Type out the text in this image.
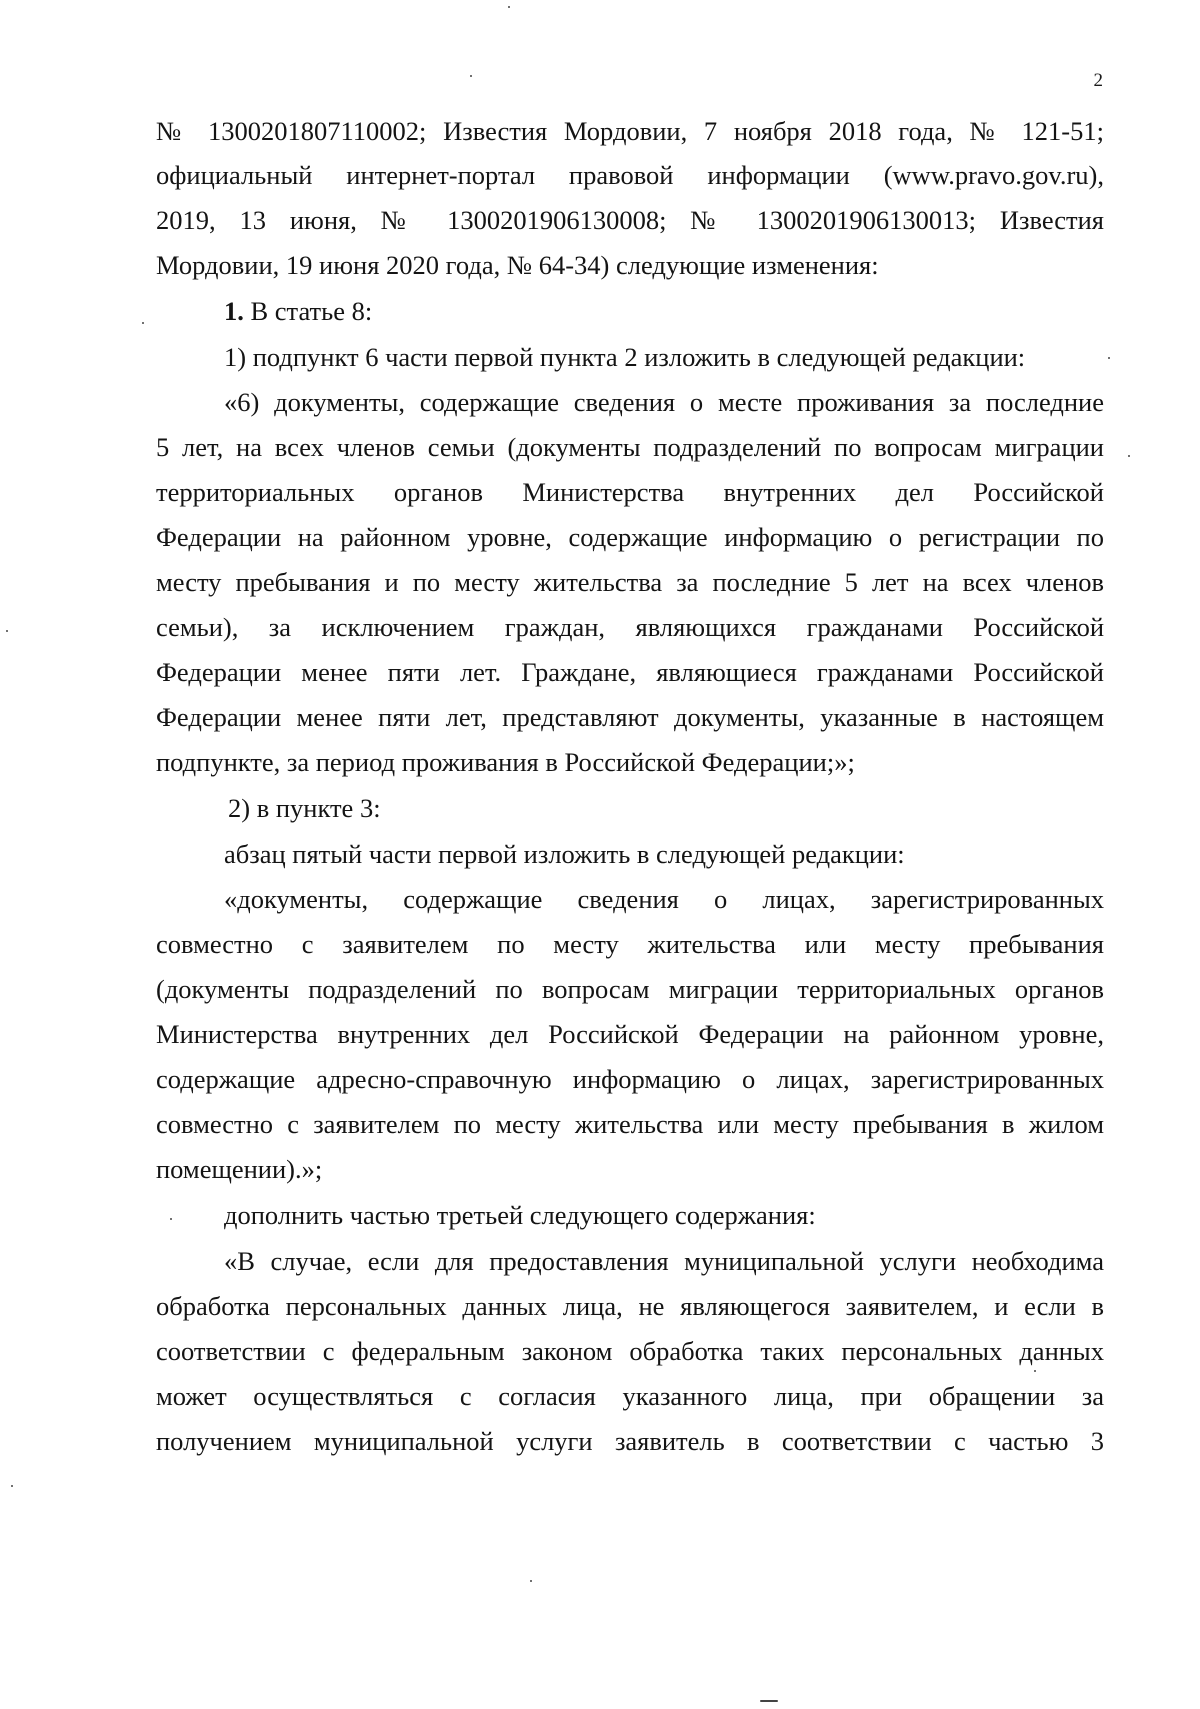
2
№ 1300201807110002; Известия Мордовии, 7 ноября 2018 года, № 121-51;
официальный интернет-портал правовой информации (www.pravo.gov.ru),
2019, 13 июня, № 1300201906130008; № 1300201906130013; Известия
Мордовии, 19 июня 2020 года, № 64-34) следующие изменения:
1. В статье 8:
1) подпункт 6 части первой пункта 2 изложить в следующей редакции:
«6) документы, содержащие сведения о месте проживания за последние
5 лет, на всех членов семьи (документы подразделений по вопросам миграции
территориальных органов Министерства внутренних дел Российской
Федерации на районном уровне, содержащие информацию о регистрации по
месту пребывания и по месту жительства за последние 5 лет на всех членов
семьи), за исключением граждан, являющихся гражданами Российской
Федерации менее пяти лет. Граждане, являющиеся гражданами Российской
Федерации менее пяти лет, представляют документы, указанные в настоящем
подпункте, за период проживания в Российской Федерации;»;
2) в пункте 3:
абзац пятый части первой изложить в следующей редакции:
«документы, содержащие сведения о лицах, зарегистрированных
совместно с заявителем по месту жительства или месту пребывания
(документы подразделений по вопросам миграции территориальных органов
Министерства внутренних дел Российской Федерации на районном уровне,
содержащие адресно-справочную информацию о лицах, зарегистрированных
совместно с заявителем по месту жительства или месту пребывания в жилом
помещении).»;
дополнить частью третьей следующего содержания:
«В случае, если для предоставления муниципальной услуги необходима
обработка персональных данных лица, не являющегося заявителем, и если в
соответствии с федеральным законом обработка таких персональных данных
может осуществляться с согласия указанного лица, при обращении за
получением муниципальной услуги заявитель в соответствии с частью 3
